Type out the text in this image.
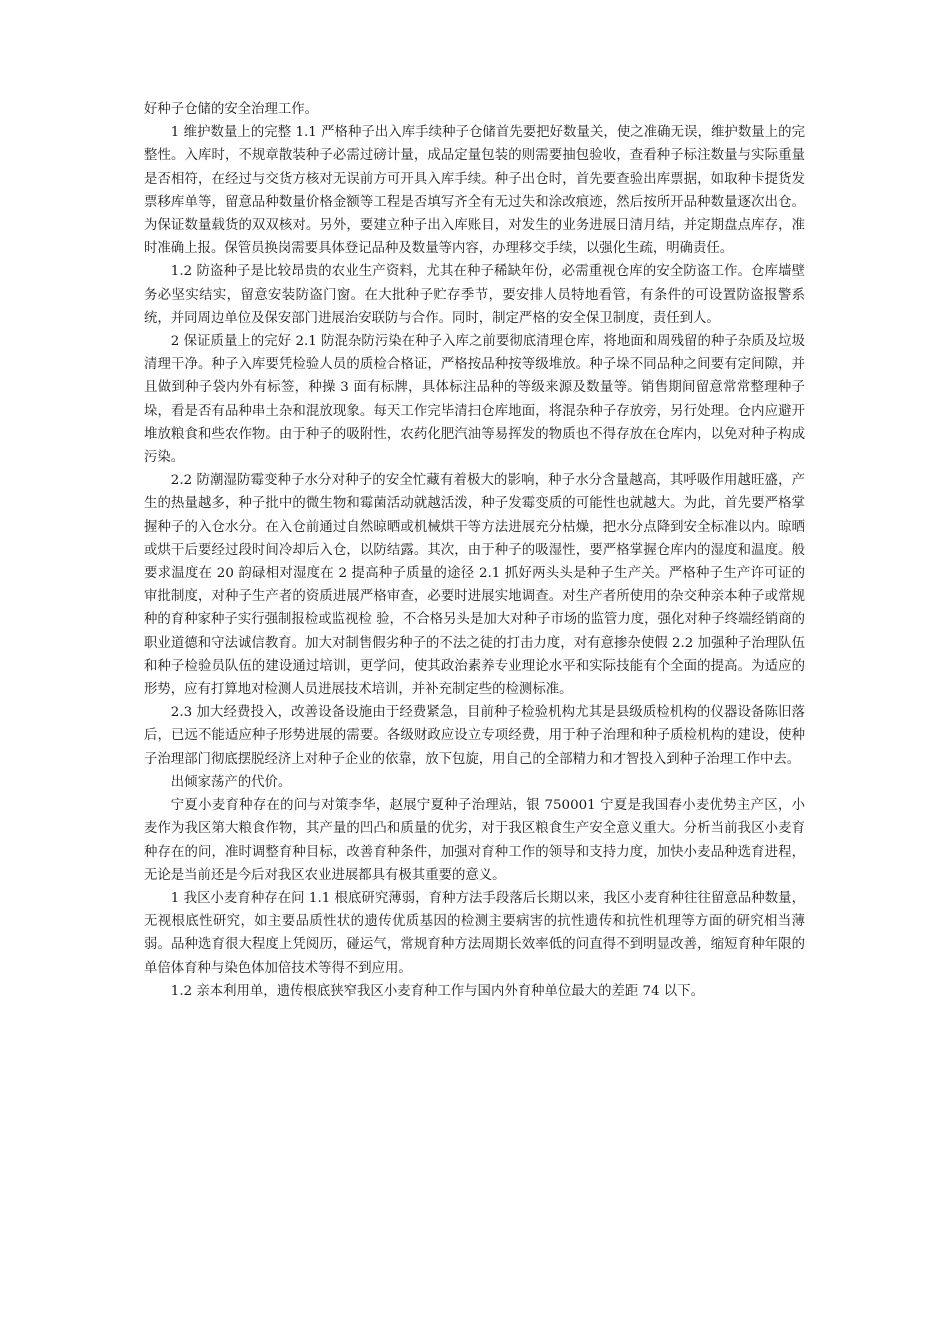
好种子仓储的安全治理工作。

1 维护数量上的完整 1.1 严格种子出入库手续种子仓储首先要把好数量关，使之准确无误，维护数量上的完整性。入库时，不规章散装种子必需过磅计量，成品定量包装的则需要抽包验收，查看种子标注数量与实际重量是否相符，在经过与交货方核对无误前方可开具入库手续。种子出仓时，首先要查验出库票据，如取种卡提货发票移库单等，留意品种数量价格金额等工程是否填写齐全有无过失和涂改痕迹，然后按所开品种数量逐次出仓。为保证数量载货的双双核对。另外，要建立种子出入库账目，对发生的业务进展日清月结，并定期盘点库存，准时准确上报。保管员换岗需要具体登记品种及数量等内容，办理移交手续，以强化生疏，明确责任。

1.2 防盗种子是比较昂贵的农业生产资料，尤其在种子稀缺年份，必需重视仓库的安全防盗工作。仓库墙壁务必坚实结实，留意安装防盗门窗。在大批种子贮存季节，要安排人员特地看管，有条件的可设置防盗报警系统，并同周边单位及保安部门进展治安联防与合作。同时，制定严格的安全保卫制度，责任到人。

2 保证质量上的完好 2.1 防混杂防污染在种子入库之前要彻底清理仓库，将地面和周残留的种子杂质及垃圾清理干净。种子入库要凭检验人员的质检合格证，严格按品种按等级堆放。种子垛不同品种之间要有定间隙，并且做到种子袋内外有标签，种操 3 面有标牌，具体标注品种的等级来源及数量等。销售期间留意常常整理种子垛，看是否有品种串土杂和混放现象。每天工作完毕清扫仓库地面，将混杂种子存放旁，另行处理。仓内应避开堆放粮食和些农作物。由于种子的吸附性，农药化肥汽油等易挥发的物质也不得存放在仓库内，以免对种子构成污染。

2.2 防潮湿防霉变种子水分对种子的安全忙藏有着极大的影响，种子水分含量越高，其呼吸作用越旺盛，产生的热量越多，种子批中的微生物和霉菌活动就越活泼，种子发霉变质的可能性也就越大。为此，首先要严格掌握种子的入仓水分。在入仓前通过自然晾晒或机械烘干等方法进展充分枯燥，把水分点降到安全标准以内。晾晒或烘干后要经过段时间冷却后入仓，以防结露。其次，由于种子的吸湿性，要严格掌握仓库内的湿度和温度。般要求温度在 20 韵碌相对湿度在 2 提高种子质量的途径 2.1 抓好两头头是种子生产关。严格种子生产许可证的审批制度，对种子生产者的资质进展严格审查，必要时进展实地调查。对生产者所使用的杂交种亲本种子或常规种的育种家种子实行强制报检或监视检 验，不合格另头是加大对种子市场的监管力度，强化对种子终端经销商的职业道德和守法诚信教育。加大对制售假劣种子的不法之徒的打击力度，对有意掺杂使假 2.2 加强种子治理队伍和种子检验员队伍的建设通过培训，更学问，使其政治素养专业理论水平和实际技能有个全面的提高。为适应的形势，应有打算地对检测人员进展技术培训，并补充制定些的检测标准。

2.3 加大经费投入，改善设备设施由于经费紧急，目前种子检验机构尤其是县级质检机构的仪器设备陈旧落后，已远不能适应种子形势进展的需要。各级财政应设立专项经费，用于种子治理和种子质检机构的建设，使种子治理部门彻底摆脱经济上对种子企业的依靠，放下包旋，用自己的全部精力和才智投入到种子治理工作中去。

出倾家荡产的代价。

宁夏小麦育种存在的问与对策李华，赵展宁夏种子治理站，银 750001 宁夏是我国春小麦优势主产区，小麦作为我区第大粮食作物，其产量的凹凸和质量的优劣，对于我区粮食生产安全意义重大。分析当前我区小麦育种存在的问，准时调整育种目标，改善育种条件，加强对育种工作的领导和支持力度，加快小麦品种选育进程，无论是当前还是今后对我区农业进展都具有极其重要的意义。

1 我区小麦育种存在问 1.1 根底研究薄弱，育种方法手段落后长期以来，我区小麦育种往往留意品种数量，无视根底性研究，如主要品质性状的遗传优质基因的检测主要病害的抗性遗传和抗性机理等方面的研究相当薄弱。品种选育很大程度上凭阅历，碰运气，常规育种方法周期长效率低的问直得不到明显改善，缩短育种年限的单倍体育种与染色体加倍技术等得不到应用。

1.2 亲本利用单，遗传根底狭窄我区小麦育种工作与国内外育种单位最大的差距 74 以下。
